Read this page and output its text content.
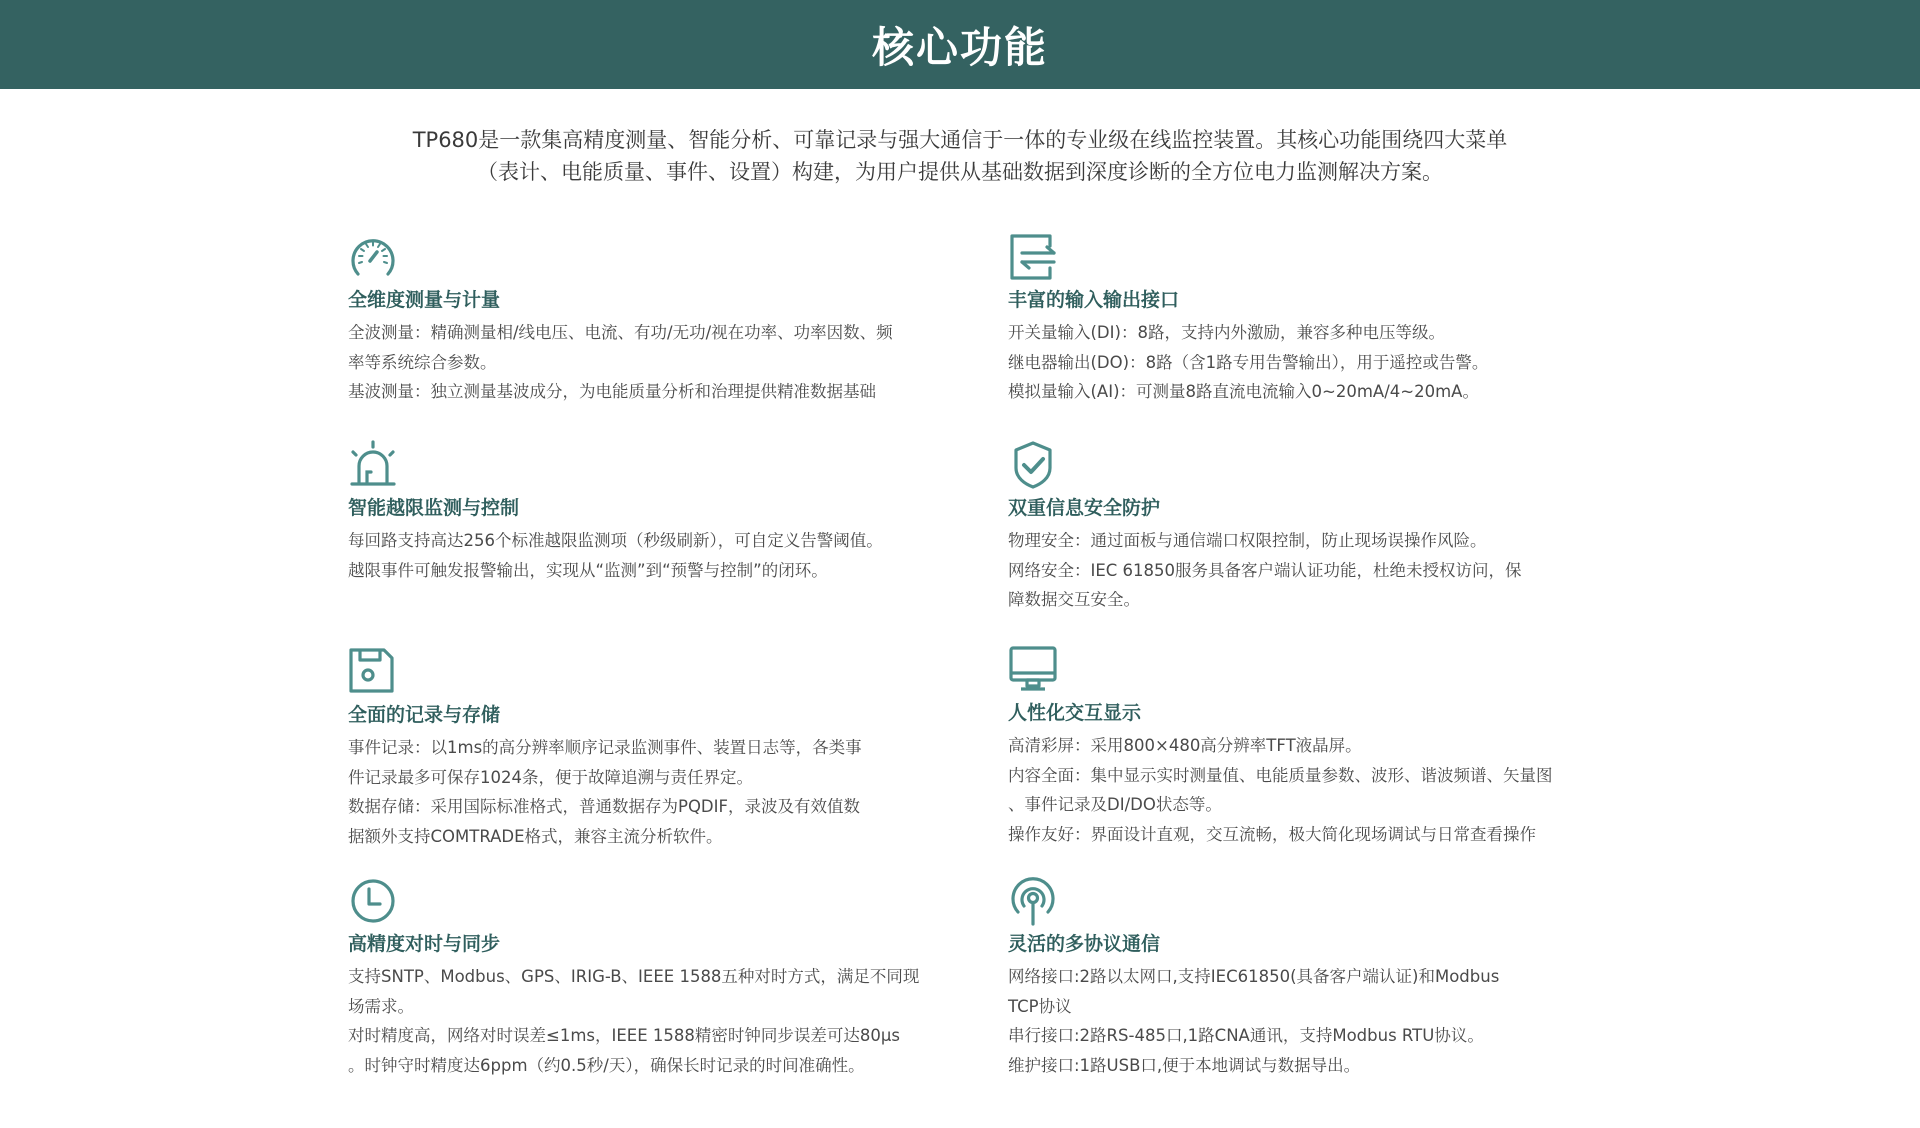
核心功能

TP680是一款集高精度测量、智能分析、可靠记录与强大通信于一体的专业级在线监控装置。其核心功能围绕四大菜单

（表计、电能质量、事件、设置）构建，为用户提供从基础数据到深度诊断的全方位电力监测解决方案。

全维度测量与计量

全波测量：精确测量相/线电压、电流、有功/无功/视在功率、功率因数、频

率等系统综合参数。

基波测量：独立测量基波成分，为电能质量分析和治理提供精准数据基础

丰富的输入输出接口

开关量输入(DI)：8路，支持内外激励，兼容多种电压等级。

继电器输出(DO)：8路（含1路专用告警输出），用于遥控或告警。

模拟量输入(AI)：可测量8路直流电流输入0~20mA/4~20mA。

智能越限监测与控制

每回路支持高达256个标准越限监测项（秒级刷新），可自定义告警阈值。

越限事件可触发报警输出，实现从“监测”到“预警与控制”的闭环。

双重信息安全防护

物理安全：通过面板与通信端口权限控制，防止现场误操作风险。

网络安全：IEC 61850服务具备客户端认证功能，杜绝未授权访问，保

障数据交互安全。

全面的记录与存储

事件记录：以1ms的高分辨率顺序记录监测事件、装置日志等，各类事

件记录最多可保存1024条，便于故障追溯与责任界定。

数据存储：采用国际标准格式，普通数据存为PQDIF，录波及有效值数

据额外支持COMTRADE格式，兼容主流分析软件。

人性化交互显示

高清彩屏：采用800×480高分辨率TFT液晶屏。

内容全面：集中显示实时测量值、电能质量参数、波形、谐波频谱、矢量图

、事件记录及DI/DO状态等。

操作友好：界面设计直观，交互流畅，极大简化现场调试与日常查看操作

高精度对时与同步

支持SNTP、Modbus、GPS、IRIG-B、IEEE 1588五种对时方式，满足不同现

场需求。

对时精度高，网络对时误差≤1ms，IEEE 1588精密时钟同步误差可达80μs

。时钟守时精度达6ppm（约0.5秒/天），确保长时记录的时间准确性。

灵活的多协议通信

网络接口:2路以太网口,支持IEC61850(具备客户端认证)和Modbus

TCP协议

串行接口:2路RS-485口,1路CNA通讯，支持Modbus RTU协议。

维护接口:1路USB口,便于本地调试与数据导出。
